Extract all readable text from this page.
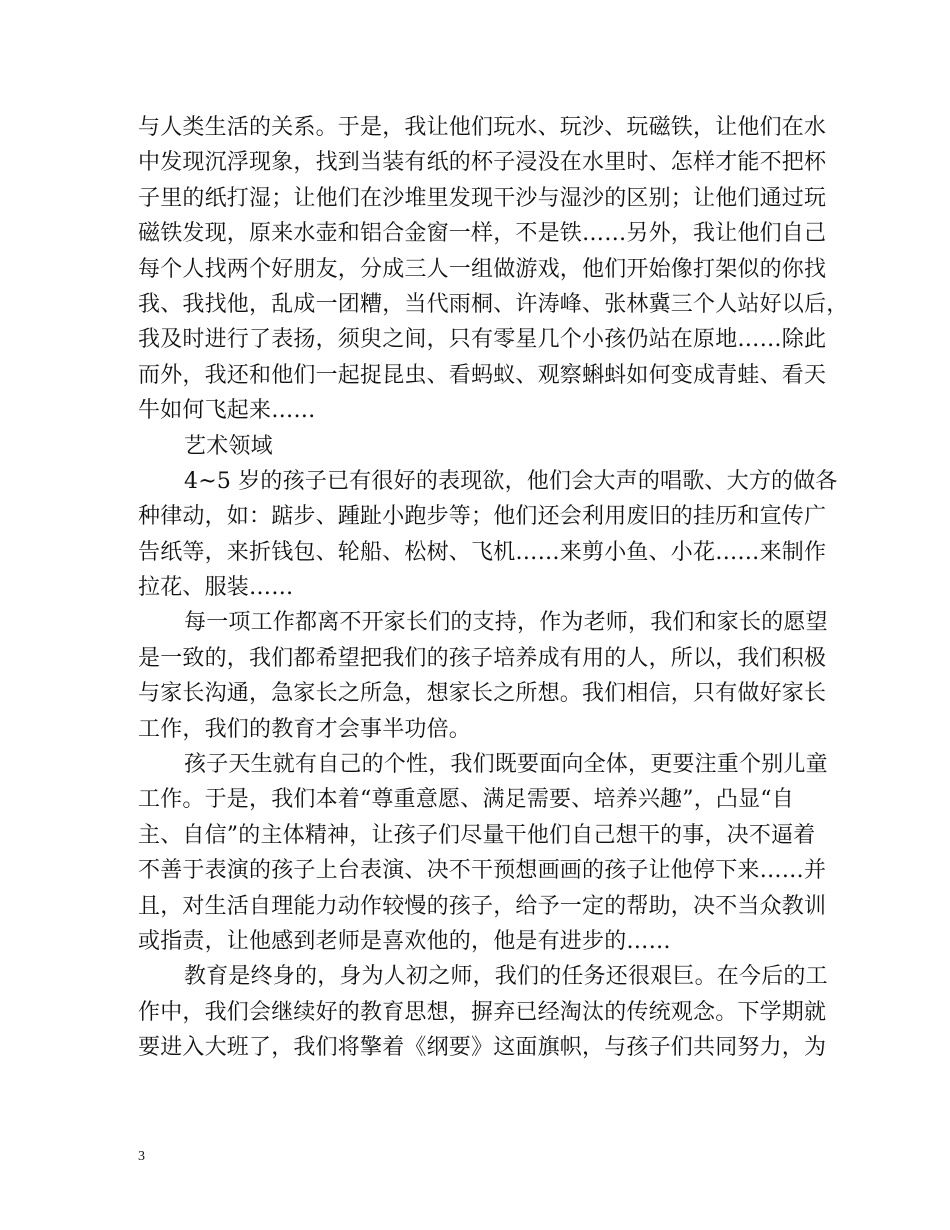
与人类生活的关系。于是，我让他们玩水、玩沙、玩磁铁，让他们在水
中发现沉浮现象，找到当装有纸的杯子浸没在水里时、怎样才能不把杯
子里的纸打湿；让他们在沙堆里发现干沙与湿沙的区别；让他们通过玩
磁铁发现，原来水壶和铝合金窗一样，不是铁……另外，我让他们自己
每个人找两个好朋友，分成三人一组做游戏，他们开始像打架似的你找
我、我找他，乱成一团糟，当代雨桐、许涛峰、张林冀三个人站好以后，
我及时进行了表扬，须臾之间，只有零星几个小孩仍站在原地……除此
而外，我还和他们一起捉昆虫、看蚂蚁、观察蝌蚪如何变成青蛙、看天
牛如何飞起来……
艺术领域
4~5 岁的孩子已有很好的表现欲，他们会大声的唱歌、大方的做各
种律动，如：踮步、踵趾小跑步等；他们还会利用废旧的挂历和宣传广
告纸等，来折钱包、轮船、松树、飞机……来剪小鱼、小花……来制作
拉花、服装……
每一项工作都离不开家长们的支持，作为老师，我们和家长的愿望
是一致的，我们都希望把我们的孩子培养成有用的人，所以，我们积极
与家长沟通，急家长之所急，想家长之所想。我们相信，只有做好家长
工作，我们的教育才会事半功倍。
孩子天生就有自己的个性，我们既要面向全体，更要注重个别儿童
工作。于是，我们本着“尊重意愿、满足需要、培养兴趣”，凸显“自
主、自信”的主体精神，让孩子们尽量干他们自己想干的事，决不逼着
不善于表演的孩子上台表演、决不干预想画画的孩子让他停下来……并
且，对生活自理能力动作较慢的孩子，给予一定的帮助，决不当众教训
或指责，让他感到老师是喜欢他的，他是有进步的……
教育是终身的，身为人初之师，我们的任务还很艰巨。在今后的工
作中，我们会继续好的教育思想，摒弃已经淘汰的传统观念。下学期就
要进入大班了，我们将擎着《纲要》这面旗帜，与孩子们共同努力，为
3
